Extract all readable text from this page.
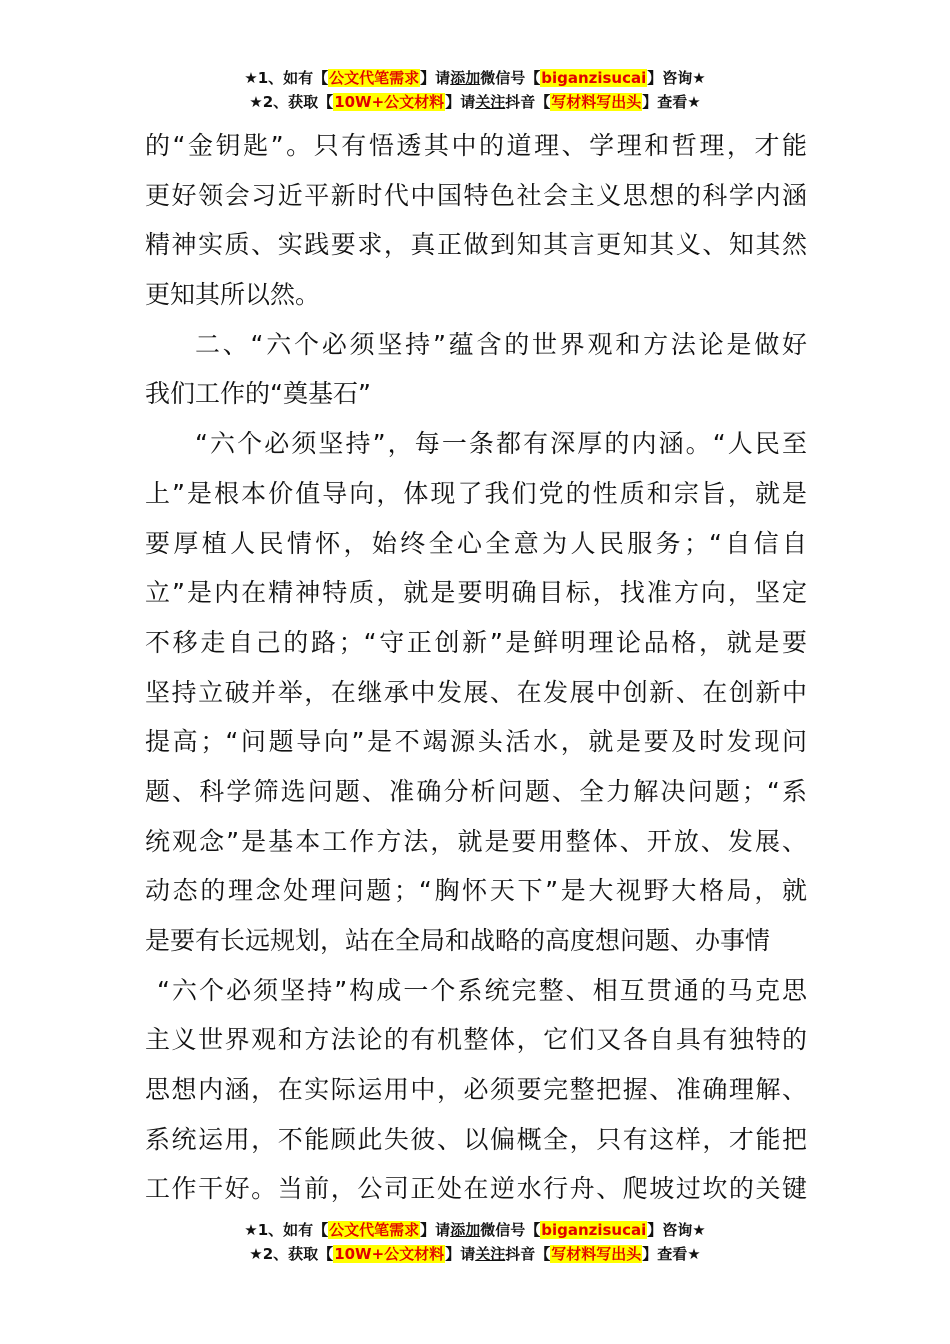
★1、如有【公文代笔需求】请添加微信号【biganzisucai】咨询★
★2、获取【10W+公文材料】请关注抖音【写材料写出头】查看★
的“金钥匙”。只有悟透其中的道理、学理和哲理，才能
更好领会习近平新时代中国特色社会主义思想的科学内涵
精神实质、实践要求，真正做到知其言更知其义、知其然
更知其所以然。
二、“六个必须坚持”蕴含的世界观和方法论是做好
我们工作的“奠基石”
“六个必须坚持”，每一条都有深厚的内涵。“人民至
上”是根本价值导向，体现了我们党的性质和宗旨，就是
要厚植人民情怀，始终全心全意为人民服务；“自信自
立”是内在精神特质，就是要明确目标，找准方向，坚定
不移走自己的路；“守正创新”是鲜明理论品格，就是要
坚持立破并举，在继承中发展、在发展中创新、在创新中
提高；“问题导向”是不竭源头活水，就是要及时发现问
题、科学筛选问题、准确分析问题、全力解决问题；“系
统观念”是基本工作方法，就是要用整体、开放、发展、
动态的理念处理问题；“胸怀天下”是大视野大格局，就
是要有长远规划，站在全局和战略的高度想问题、办事情
“六个必须坚持”构成一个系统完整、相互贯通的马克思
主义世界观和方法论的有机整体，它们又各自具有独特的
思想内涵，在实际运用中，必须要完整把握、准确理解、
系统运用，不能顾此失彼、以偏概全，只有这样，才能把
工作干好。当前，公司正处在逆水行舟、爬坡过坎的关键
★1、如有【公文代笔需求】请添加微信号【biganzisucai】咨询★
★2、获取【10W+公文材料】请关注抖音【写材料写出头】查看★
